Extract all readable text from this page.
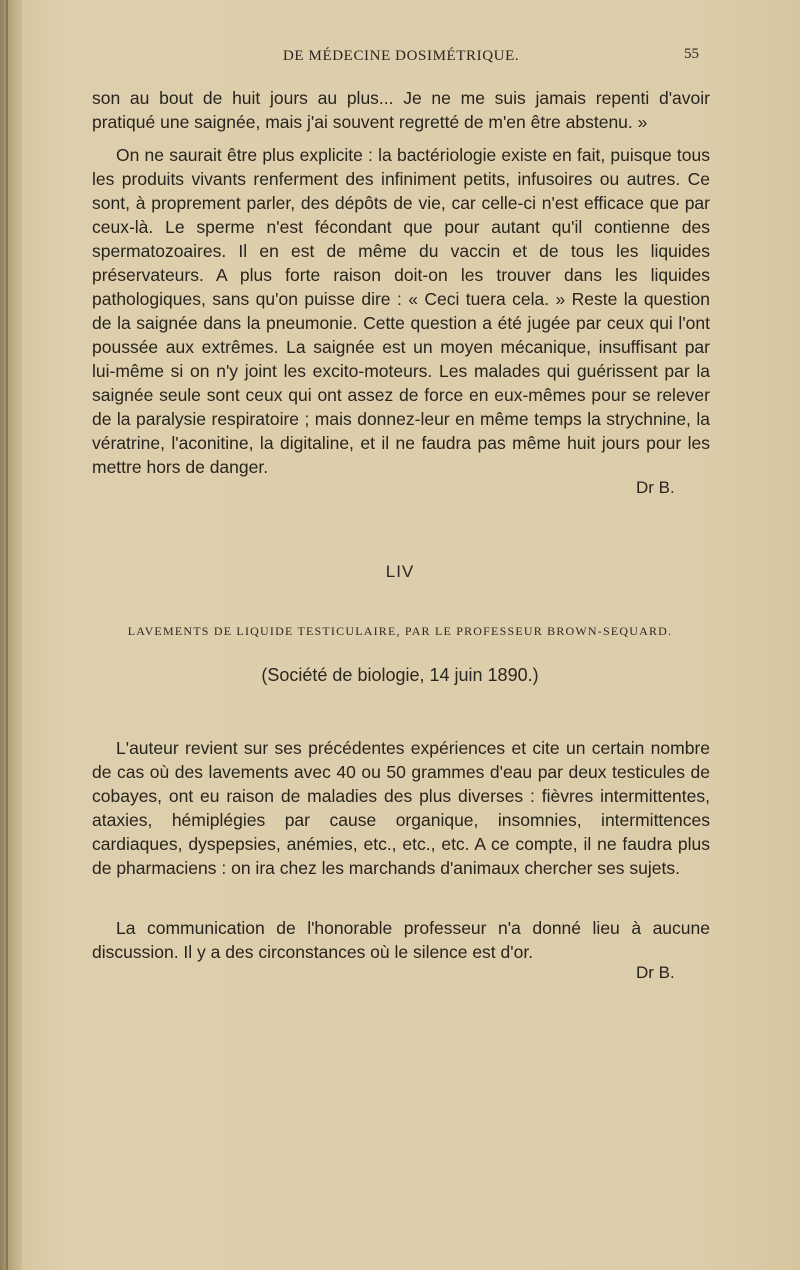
DE MÉDECINE DOSIMÉTRIQUE.	55
son au bout de huit jours au plus... Je ne me suis jamais repenti d'avoir pratiqué une saignée, mais j'ai souvent regretté de m'en être abstenu. »
On ne saurait être plus explicite : la bactériologie existe en fait, puisque tous les produits vivants renferment des infiniment petits, infusoires ou autres. Ce sont, à proprement parler, des dépôts de vie, car celle-ci n'est efficace que par ceux-là. Le sperme n'est fécondant que pour autant qu'il contienne des spermatozoaires. Il en est de même du vaccin et de tous les liquides préservateurs. A plus forte raison doit-on les trouver dans les liquides pathologiques, sans qu'on puisse dire : « Ceci tuera cela. » Reste la question de la saignée dans la pneumonie. Cette question a été jugée par ceux qui l'ont poussée aux extrêmes. La saignée est un moyen mécanique, insuffisant par lui-même si on n'y joint les excito-moteurs. Les malades qui guérissent par la saignée seule sont ceux qui ont assez de force en eux-mêmes pour se relever de la paralysie respiratoire ; mais donnez-leur en même temps la strychnine, la vératrine, l'aconitine, la digitaline, et il ne faudra pas même huit jours pour les mettre hors de danger.
Dr B.
LIV
LAVEMENTS DE LIQUIDE TESTICULAIRE, PAR LE PROFESSEUR BROWN-SEQUARD.
(Société de biologie, 14 juin 1890.)
L'auteur revient sur ses précédentes expériences et cite un certain nombre de cas où des lavements avec 40 ou 50 grammes d'eau par deux testicules de cobayes, ont eu raison de maladies des plus diverses : fièvres intermittentes, ataxies, hémiplégies par cause organique, insomnies, intermittences cardiaques, dyspepsies, anémies, etc., etc., etc. A ce compte, il ne faudra plus de pharmaciens : on ira chez les marchands d'animaux chercher ses sujets.
La communication de l'honorable professeur n'a donné lieu à aucune discussion. Il y a des circonstances où le silence est d'or.
Dr B.
